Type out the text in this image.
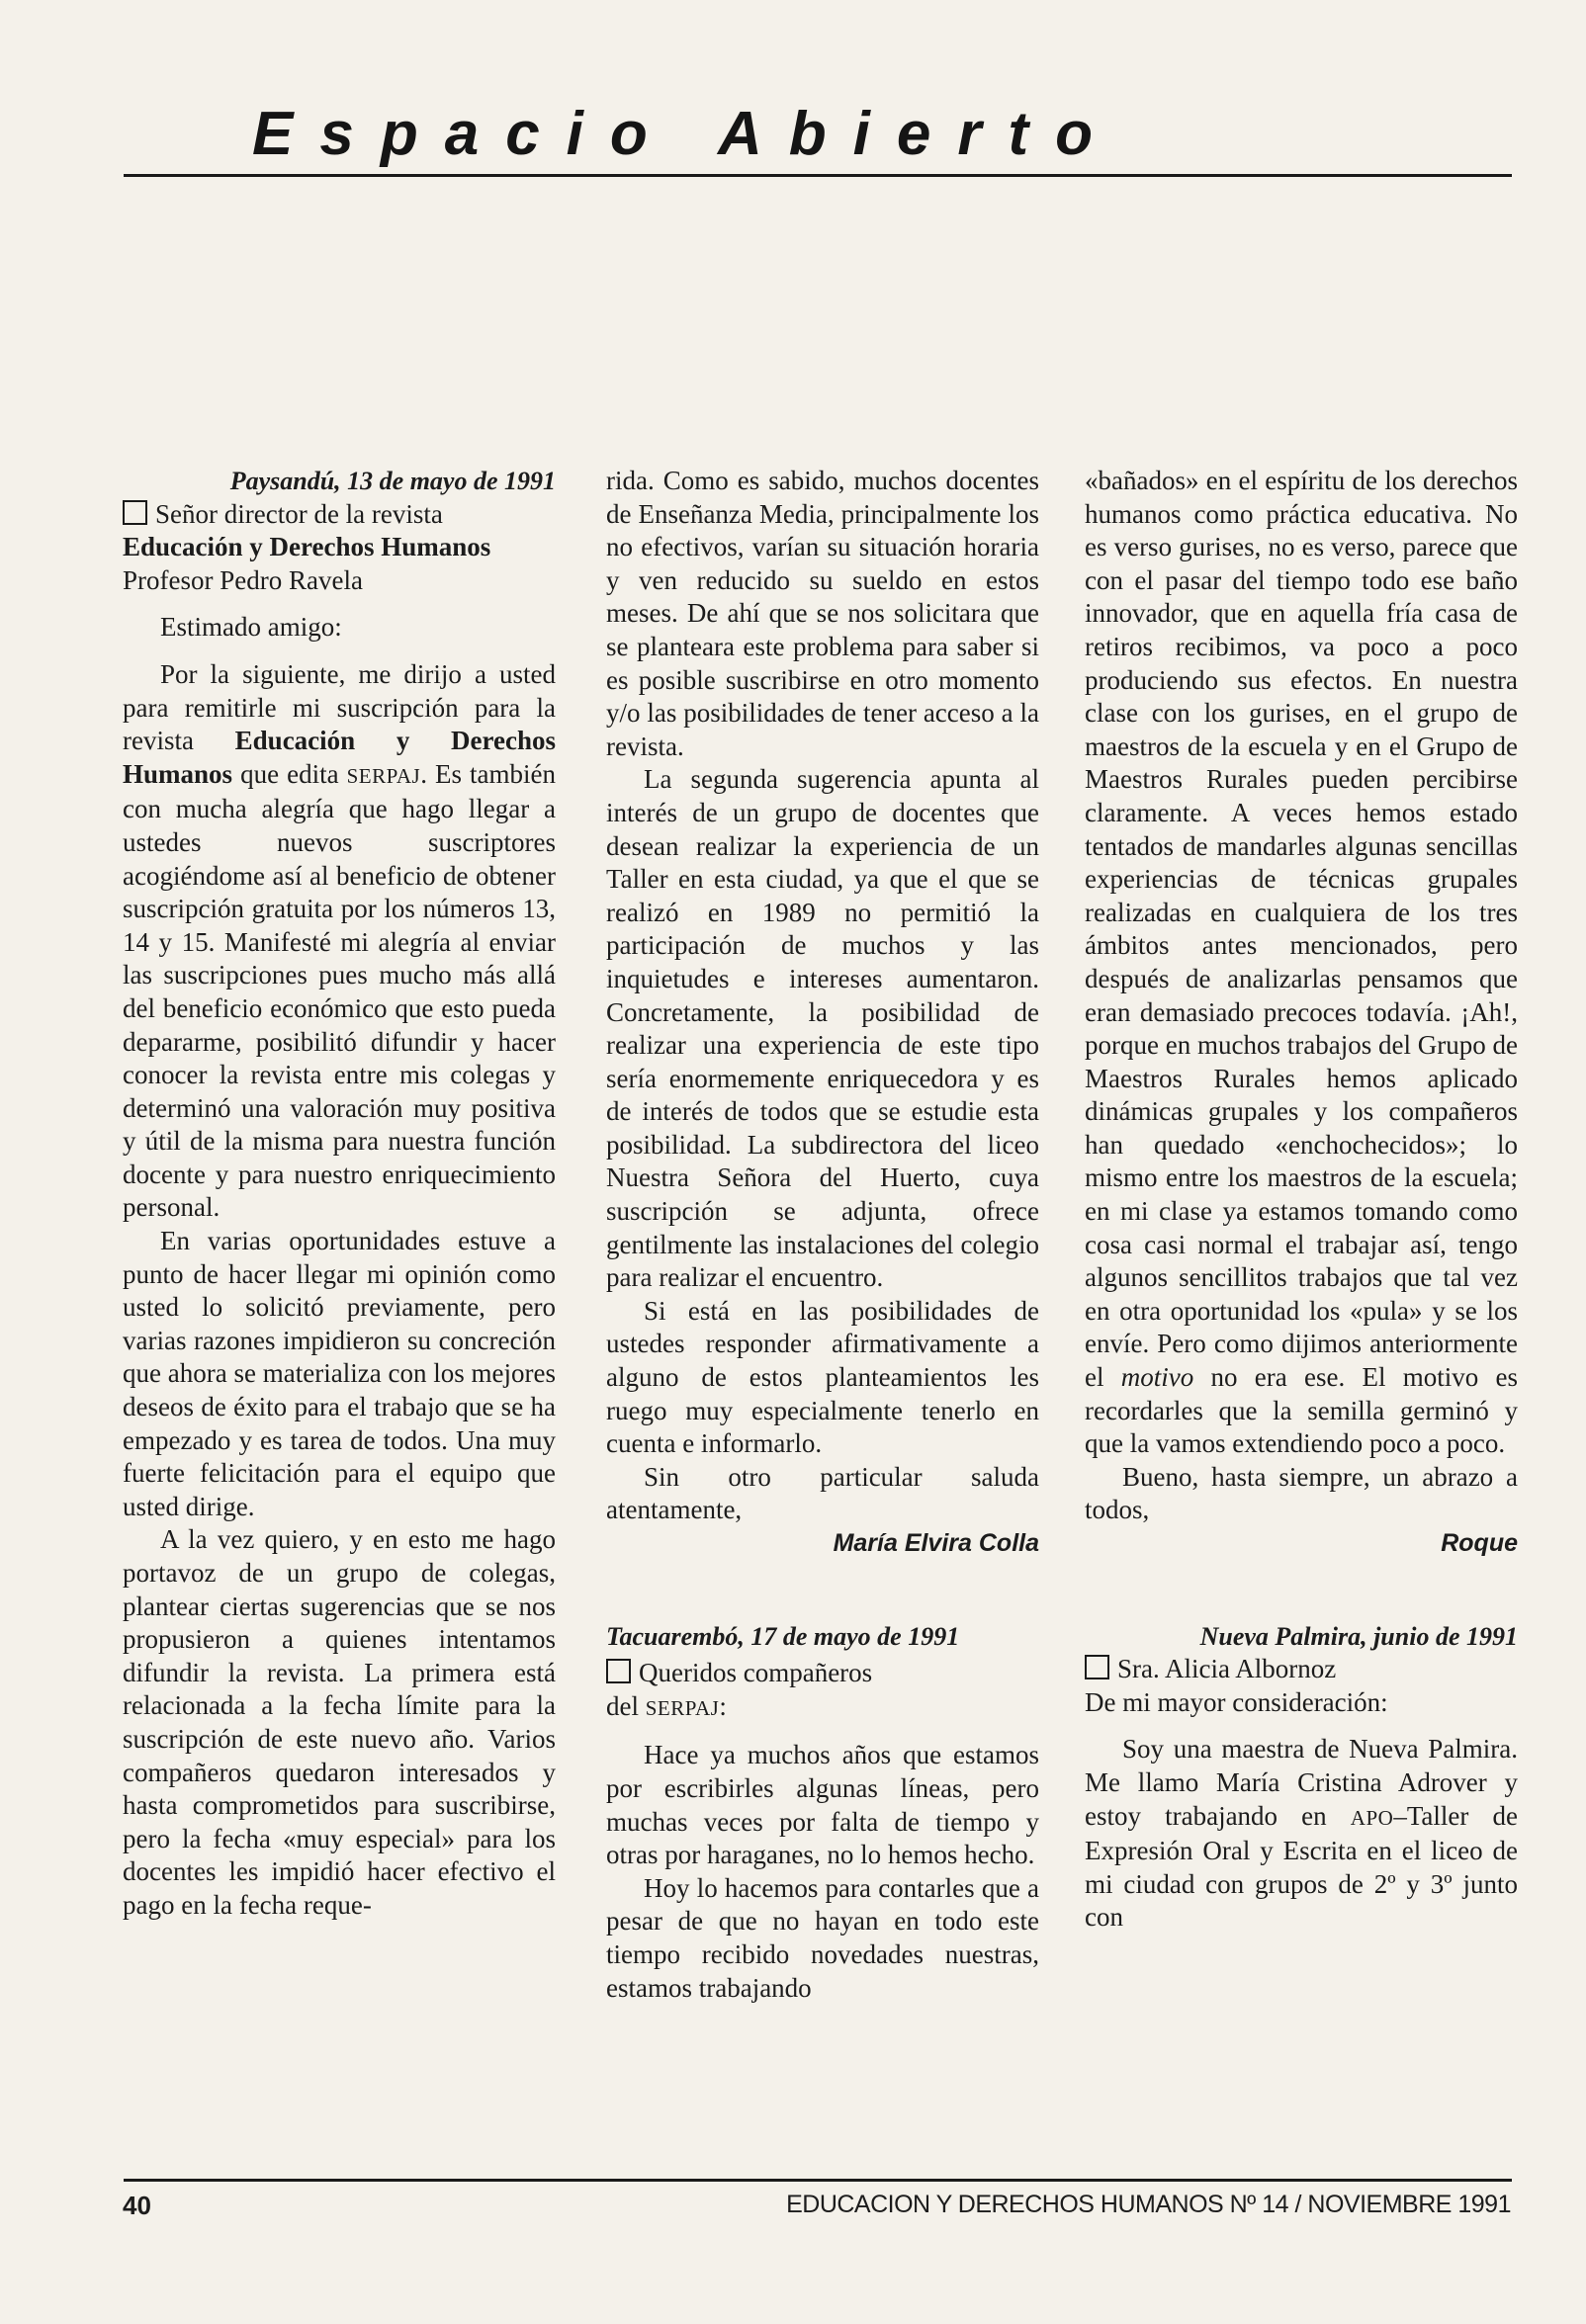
Espacio Abierto

Paysandú, 13 de mayo de 1991

Señor director de la revista

Educación y Derechos Humanos

Profesor Pedro Ravela

Estimado amigo:

Por la siguiente, me dirijo a usted para remitirle mi suscripción para la revista Educación y Derechos Humanos que edita SERPAJ. Es también con mucha alegría que hago llegar a ustedes nuevos suscriptores acogiéndome así al beneficio de obtener suscripción gratuita por los números 13, 14 y 15. Manifesté mi alegría al enviar las suscripciones pues mucho más allá del beneficio económico que esto pueda depararme, posibilitó difundir y hacer conocer la revista entre mis colegas y determinó una valoración muy positiva y útil de la misma para nuestra función docente y para nuestro enriquecimiento personal.

En varias oportunidades estuve a punto de hacer llegar mi opinión como usted lo solicitó previamente, pero varias razones impidieron su concreción que ahora se materializa con los mejores deseos de éxito para el trabajo que se ha empezado y es tarea de todos. Una muy fuerte felicitación para el equipo que usted dirige.

A la vez quiero, y en esto me hago portavoz de un grupo de colegas, plantear ciertas sugerencias que se nos propusieron a quienes intentamos difundir la revista. La primera está relacionada a la fecha límite para la suscripción de este nuevo año. Varios compañeros quedaron interesados y hasta comprometidos para suscribirse, pero la fecha «muy especial» para los docentes les impidió hacer efectivo el pago en la fecha reque-

rida. Como es sabido, muchos docentes de Enseñanza Media, principalmente los no efectivos, varían su situación horaria y ven reducido su sueldo en estos meses. De ahí que se nos solicitara que se planteara este problema para saber si es posible suscribirse en otro momento y/o las posibilidades de tener acceso a la revista.

La segunda sugerencia apunta al interés de un grupo de docentes que desean realizar la experiencia de un Taller en esta ciudad, ya que el que se realizó en 1989 no permitió la participación de muchos y las inquietudes e intereses aumentaron. Concretamente, la posibilidad de realizar una experiencia de este tipo sería enormemente enriquecedora y es de interés de todos que se estudie esta posibilidad. La subdirectora del liceo Nuestra Señora del Huerto, cuya suscripción se adjunta, ofrece gentilmente las instalaciones del colegio para realizar el encuentro.

Si está en las posibilidades de ustedes responder afirmativamente a alguno de estos planteamientos les ruego muy especialmente tenerlo en cuenta e informarlo.

Sin otro particular saluda atentamente,

María Elvira Colla

Tacuarembó, 17 de mayo de 1991

Queridos compañeros

del SERPAJ:

Hace ya muchos años que estamos por escribirles algunas líneas, pero muchas veces por falta de tiempo y otras por haraganes, no lo hemos hecho.

Hoy lo hacemos para contarles que a pesar de que no hayan en todo este tiempo recibido novedades nuestras, estamos trabajando

«bañados» en el espíritu de los derechos humanos como práctica educativa. No es verso gurises, no es verso, parece que con el pasar del tiempo todo ese baño innovador, que en aquella fría casa de retiros recibimos, va poco a poco produciendo sus efectos. En nuestra clase con los gurises, en el grupo de maestros de la escuela y en el Grupo de Maestros Rurales pueden percibirse claramente. A veces hemos estado tentados de mandarles algunas sencillas experiencias de técnicas grupales realizadas en cualquiera de los tres ámbitos antes mencionados, pero después de analizarlas pensamos que eran demasiado precoces todavía. ¡Ah!, porque en muchos trabajos del Grupo de Maestros Rurales hemos aplicado dinámicas grupales y los compañeros han quedado «enchochecidos»; lo mismo entre los maestros de la escuela; en mi clase ya estamos tomando como cosa casi normal el trabajar así, tengo algunos sencillitos trabajos que tal vez en otra oportunidad los «pula» y se los envíe. Pero como dijimos anteriormente el motivo no era ese. El motivo es recordarles que la semilla germinó y que la vamos extendiendo poco a poco.

Bueno, hasta siempre, un abrazo a todos,

Roque

Nueva Palmira, junio de 1991

Sra. Alicia Albornoz

De mi mayor consideración:

Soy una maestra de Nueva Palmira. Me llamo María Cristina Adrover y estoy trabajando en APO–Taller de Expresión Oral y Escrita en el liceo de mi ciudad con grupos de 2º y 3º junto con

40	EDUCACION Y DERECHOS HUMANOS Nº 14 / NOVIEMBRE 1991
